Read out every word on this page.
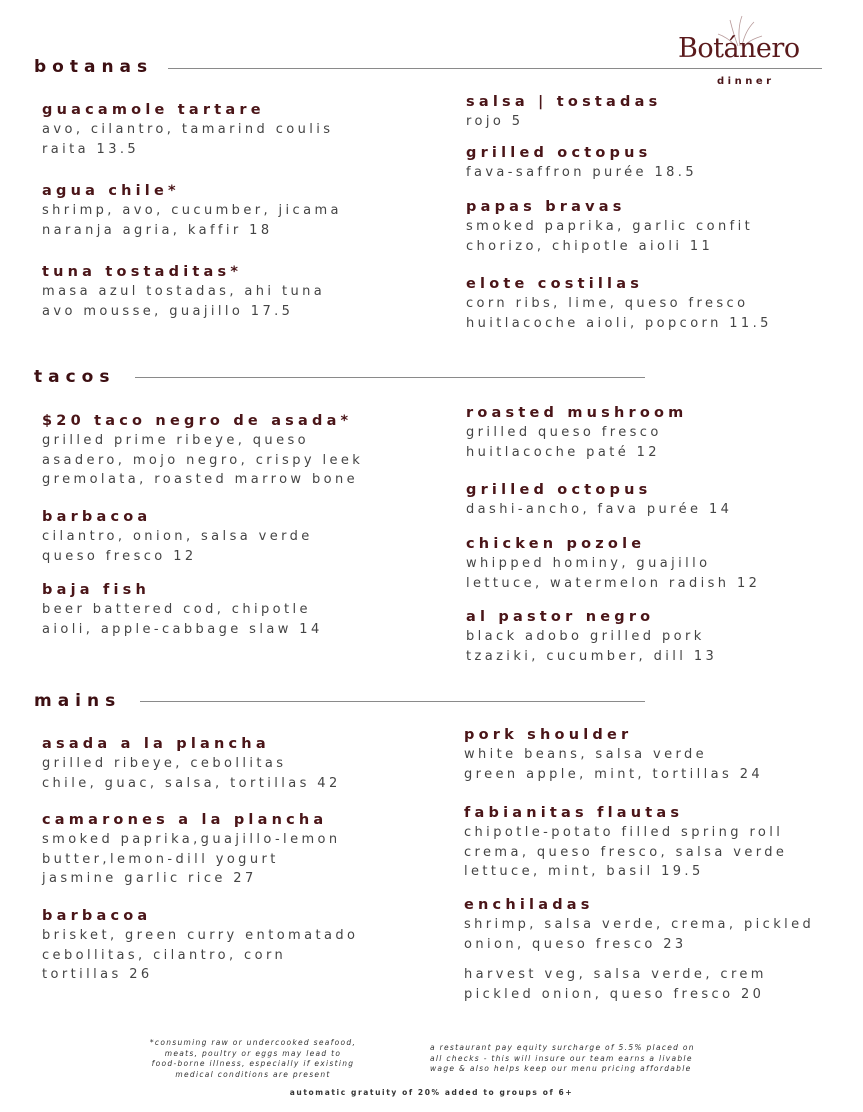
Botánero
dinner
botanas
tacos
mains
guacamole tartare
avo, cilantro, tamarind coulis
raita 13.5
agua chile*
shrimp, avo, cucumber, jicama
naranja agria, kaffir 18
tuna tostaditas*
masa azul tostadas, ahi tuna
avo mousse, guajillo 17.5
salsa | tostadas
rojo 5
grilled octopus
fava-saffron purée 18.5
papas bravas
smoked paprika, garlic confit
chorizo, chipotle aioli 11
elote costillas
corn ribs, lime, queso fresco
huitlacoche aioli, popcorn 11.5
$20 taco negro de asada*
grilled prime ribeye, queso
asadero, mojo negro, crispy leek
gremolata, roasted marrow bone
barbacoa
cilantro, onion, salsa verde
queso fresco 12
baja fish
beer battered cod, chipotle
aioli, apple-cabbage slaw 14
roasted mushroom
grilled queso fresco
huitlacoche paté 12
grilled octopus
dashi-ancho, fava purée 14
chicken pozole
whipped hominy, guajillo
lettuce, watermelon radish 12
al pastor negro
black adobo grilled pork
tzaziki, cucumber, dill 13
asada a la plancha
grilled ribeye, cebollitas
chile, guac, salsa, tortillas 42
camarones a la plancha
smoked paprika,guajillo-lemon
butter,lemon-dill yogurt
jasmine garlic rice 27
barbacoa
brisket, green curry entomatado
cebollitas, cilantro, corn
tortillas 26
pork shoulder
white beans, salsa verde
green apple, mint, tortillas 24
fabianitas flautas
chipotle-potato filled spring roll
crema, queso fresco, salsa verde
lettuce, mint, basil 19.5
enchiladas
shrimp, salsa verde, crema, pickled
onion, queso fresco 23
harvest veg, salsa verde, crem
pickled onion, queso fresco 20
*consuming raw or undercooked seafood,
meats, poultry or eggs may lead to
food-borne illness, especially if existing
medical conditions are present
a restaurant pay equity surcharge of 5.5% placed on
all checks - this will insure our team earns a livable
wage & also helps keep our menu pricing affordable
automatic gratuity of 20% added to groups of 6+
